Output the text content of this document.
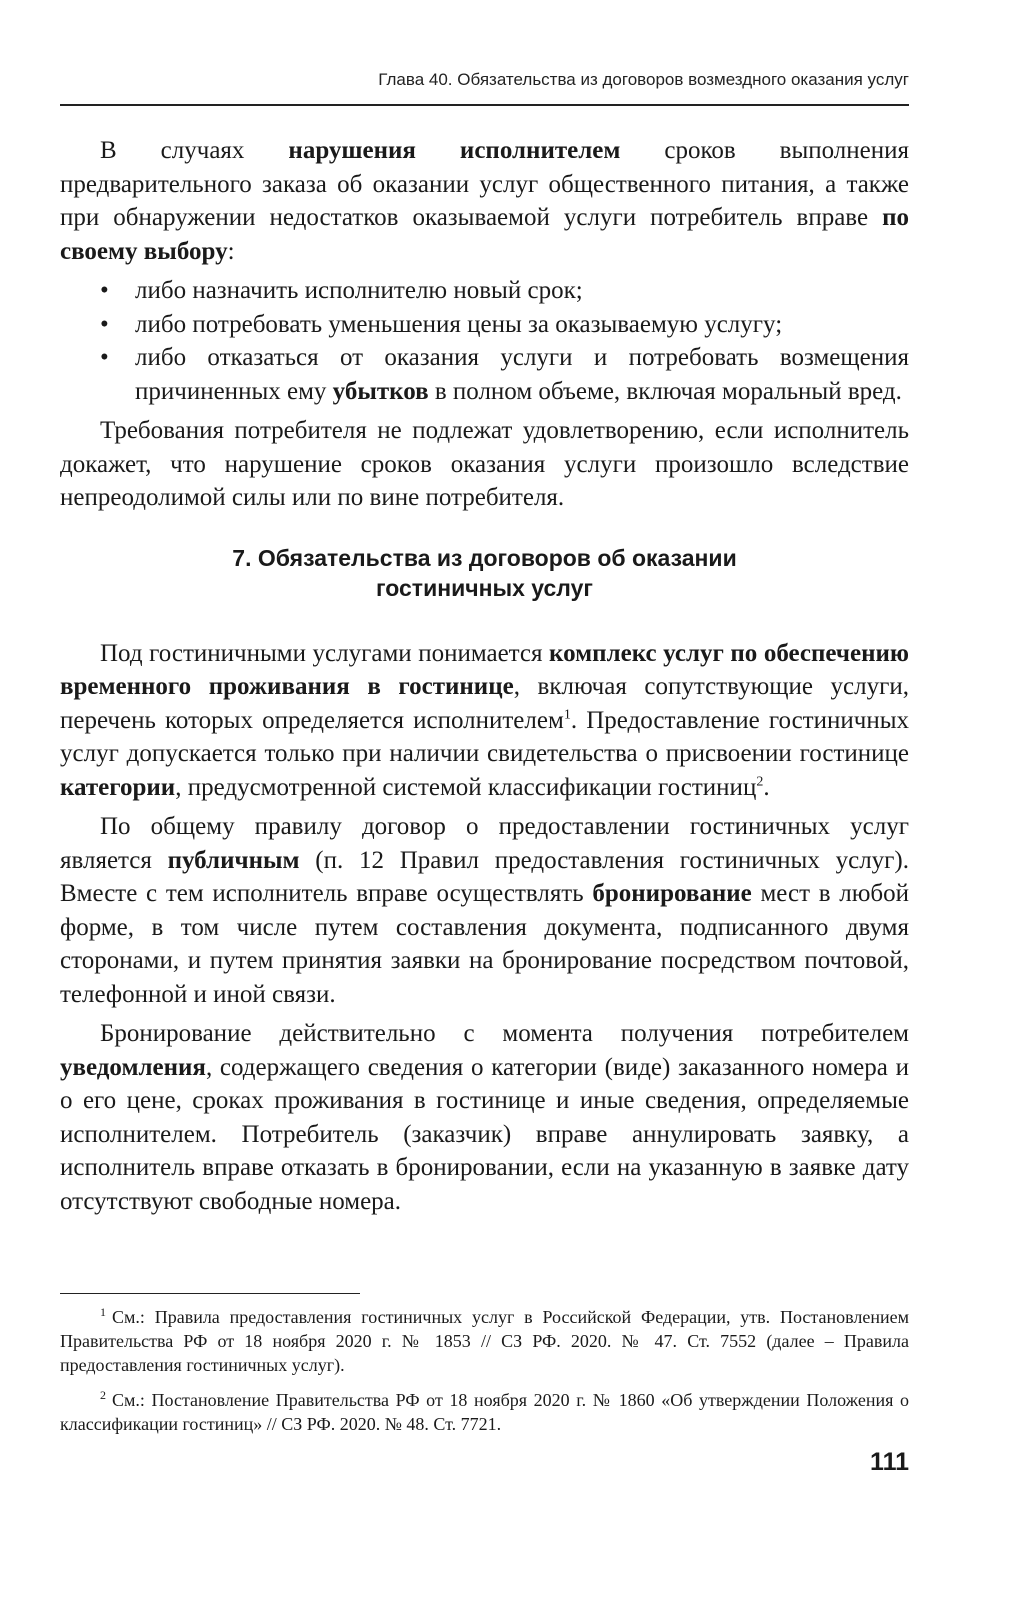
Глава 40. Обязательства из договоров возмездного оказания услуг

В случаях нарушения исполнителем сроков выполнения предварительного заказа об оказании услуг общественного питания, а также при обнаружении недостатков оказываемой услуги потребитель вправе по своему выбору:

• либо назначить исполнителю новый срок;
• либо потребовать уменьшения цены за оказываемую услугу;
• либо отказаться от оказания услуги и потребовать возмещения причиненных ему убытков в полном объеме, включая моральный вред.

Требования потребителя не подлежат удовлетворению, если исполнитель докажет, что нарушение сроков оказания услуги произошло вследствие непреодолимой силы или по вине потребителя.

7. Обязательства из договоров об оказании
гостиничных услуг

Под гостиничными услугами понимается комплекс услуг по обеспечению временного проживания в гостинице, включая сопутствующие услуги, перечень которых определяется исполнителем$^1$. Предоставление гостиничных услуг допускается только при наличии свидетельства о присвоении гостинице категории, предусмотренной системой классификации гостиниц$^2$.

По общему правилу договор о предоставлении гостиничных услуг является публичным (п. 12 Правил предоставления гостиничных услуг). Вместе с тем исполнитель вправе осуществлять бронирование мест в любой форме, в том числе путем составления документа, подписанного двумя сторонами, и путем принятия заявки на бронирование посредством почтовой, телефонной и иной связи.

Бронирование действительно с момента получения потребителем уведомления, содержащего сведения о категории (виде) заказанного номера и о его цене, сроках проживания в гостинице и иные сведения, определяемые исполнителем. Потребитель (заказчик) вправе аннулировать заявку, а исполнитель вправе отказать в бронировании, если на указанную в заявке дату отсутствуют свободные номера.

$^1$ См.: Правила предоставления гостиничных услуг в Российской Федерации, утв. Постановлением Правительства РФ от 18 ноября 2020 г. № 1853 // СЗ РФ. 2020. № 47. Ст. 7552 (далее – Правила предоставления гостиничных услуг).

$^2$ См.: Постановление Правительства РФ от 18 ноября 2020 г. № 1860 «Об утверждении Положения о классификации гостиниц» // СЗ РФ. 2020. № 48. Ст. 7721.

111
